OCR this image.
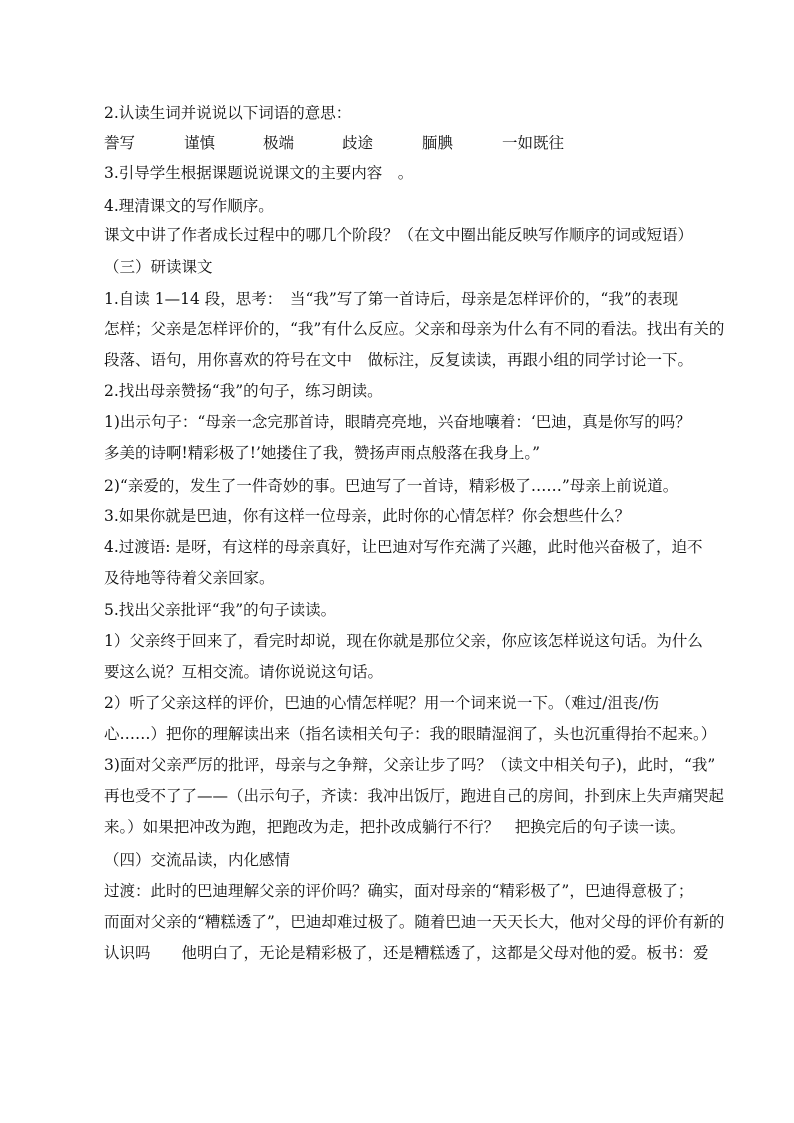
2.认读生词并说说以下词语的意思：
誊写	谨慎	极端	歧途	腼腆	一如既往
3.引导学生根据课题说说课文的主要内容　。
4.理清课文的写作顺序。
课文中讲了作者成长过程中的哪几个阶段？（在文中圈出能反映写作顺序的词或短语）
（三）研读课文
1.自读 1—14 段，思考：　当“我”写了第一首诗后，母亲是怎样评价的，“我”的表现
怎样；父亲是怎样评价的，“我”有什么反应。父亲和母亲为什么有不同的看法。找出有关的
段落、语句，用你喜欢的符号在文中　做标注，反复读读，再跟小组的同学讨论一下。
2.找出母亲赞扬“我”的句子，练习朗读。
1)出示句子：“母亲一念完那首诗，眼睛亮亮地，兴奋地嚷着：‘巴迪，真是你写的吗？
多美的诗啊!精彩极了!’她搂住了我，赞扬声雨点般落在我身上。”
2)“亲爱的，发生了一件奇妙的事。巴迪写了一首诗，精彩极了……”母亲上前说道。
3.如果你就是巴迪，你有这样一位母亲，此时你的心情怎样？你会想些什么？
4.过渡语: 是呀，有这样的母亲真好，让巴迪对写作充满了兴趣，此时他兴奋极了，迫不
及待地等待着父亲回家。
5.找出父亲批评“我”的句子读读。
1）父亲终于回来了，看完时却说，现在你就是那位父亲，你应该怎样说这句话。为什么
要这么说？互相交流。请你说说这句话。
2）听了父亲这样的评价，巴迪的心情怎样呢？用一个词来说一下。（难过/沮丧/伤
心……）把你的理解读出来（指名读相关句子：我的眼睛湿润了，头也沉重得抬不起来。）
3)面对父亲严厉的批评，母亲与之争辩，父亲让步了吗？（读文中相关句子)，此时，“我”
再也受不了了——（出示句子，齐读：我冲出饭厅，跑进自己的房间，扑到床上失声痛哭起
来。）如果把冲改为跑，把跑改为走，把扑改成躺行不行？　把换完后的句子读一读。
（四）交流品读，内化感情
过渡：此时的巴迪理解父亲的评价吗？确实，面对母亲的“精彩极了”，巴迪得意极了；
而面对父亲的“糟糕透了”，巴迪却难过极了。随着巴迪一天天长大，他对父母的评价有新的
认识吗　　他明白了，无论是精彩极了，还是糟糕透了，这都是父母对他的爱。板书：爱
